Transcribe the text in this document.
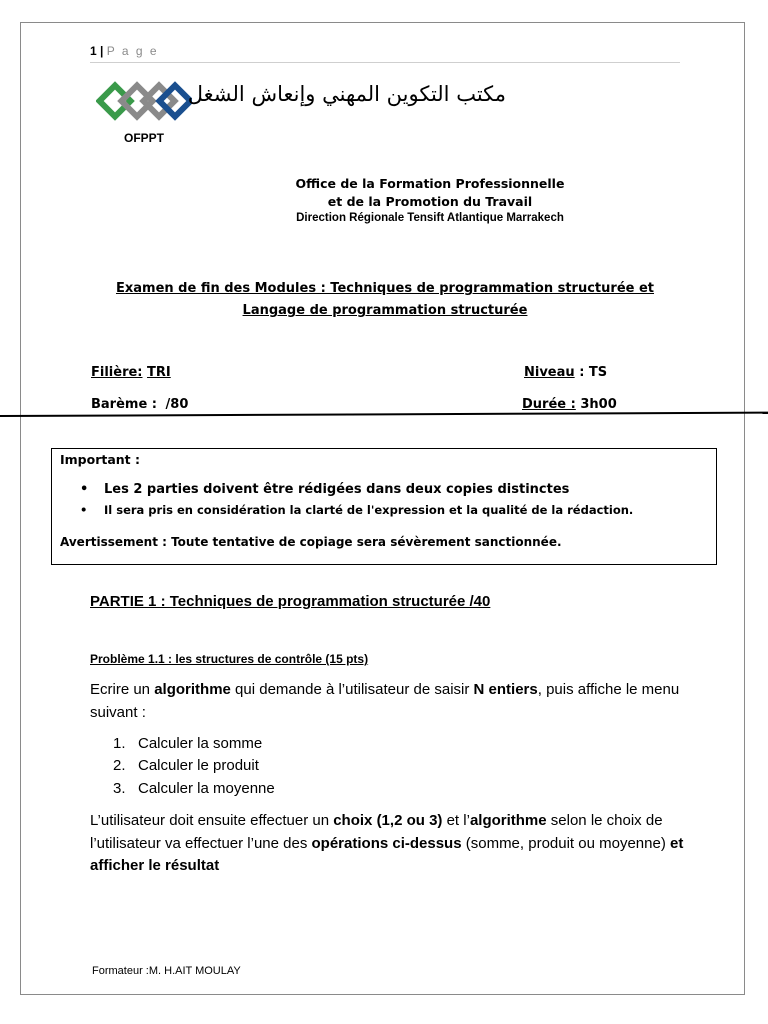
1 | P a g e
OFPPT
مكتب التكوين المهني وإنعاش الشغل
Office de la Formation Professionnelle
et de la Promotion du Travail
Direction Régionale Tensift Atlantique Marrakech
Examen de fin des Modules : Techniques de programmation structurée et
Langage de programmation structurée
Filière: TRI	Niveau : TS
Barème : /80	Durée : 3h00
Important :
• Les 2 parties doivent être rédigées dans deux copies distinctes
• Il sera pris en considération la clarté de l'expression et la qualité de la rédaction.
Avertissement : Toute tentative de copiage sera sévèrement sanctionnée.
PARTIE 1 : Techniques de programmation structurée /40
Problème 1.1 : les structures de contrôle (15 pts)
Ecrire un algorithme qui demande à l’utilisateur de saisir N entiers, puis affiche le menu suivant :
1. Calculer la somme
2. Calculer le produit
3. Calculer la moyenne
L’utilisateur doit ensuite effectuer un choix (1,2 ou 3) et l’algorithme selon le choix de l’utilisateur va effectuer l’une des opérations ci-dessus (somme, produit ou moyenne) et afficher le résultat
Formateur :M. H.AIT MOULAY
